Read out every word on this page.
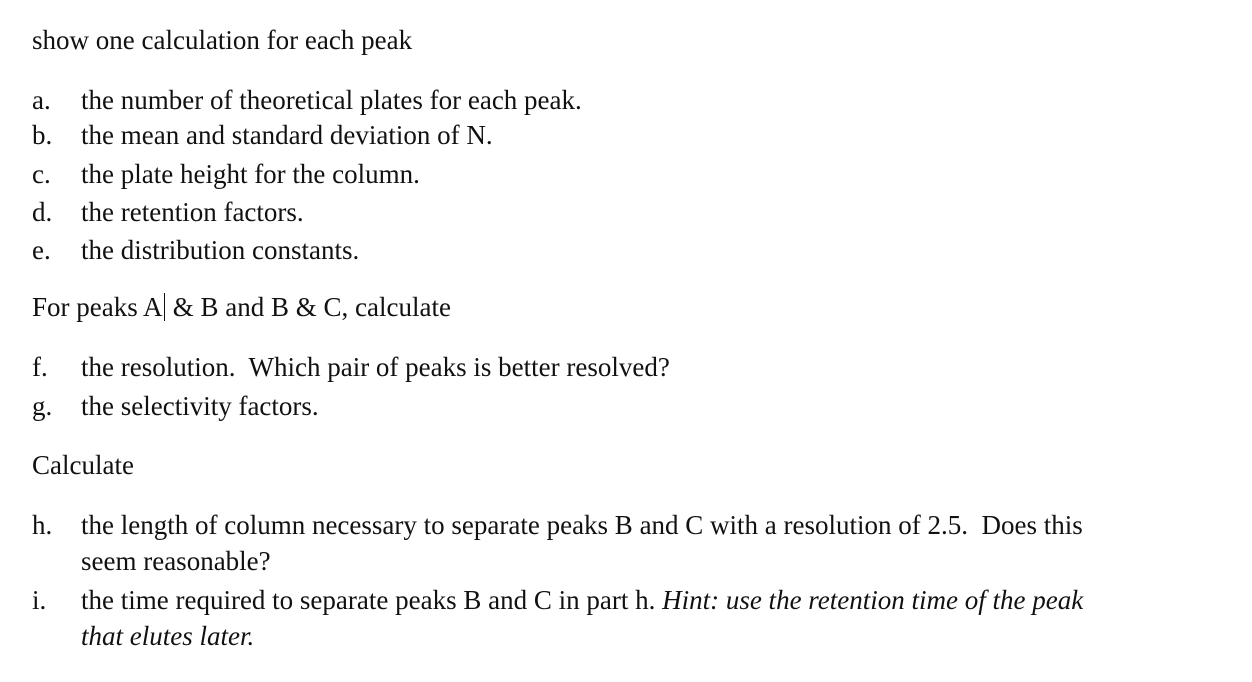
show one calculation for each peak
a.	the number of theoretical plates for each peak.
b.	the mean and standard deviation of N.
c.	the plate height for the column.
d.	the retention factors.
e.	the distribution constants.
For peaks A & B and B & C, calculate
f.	the resolution.  Which pair of peaks is better resolved?
g.	the selectivity factors.
Calculate
h.	the length of column necessary to separate peaks B and C with a resolution of 2.5.  Does this
seem reasonable?
i.	the time required to separate peaks B and C in part h. Hint: use the retention time of the peak
that elutes later.
